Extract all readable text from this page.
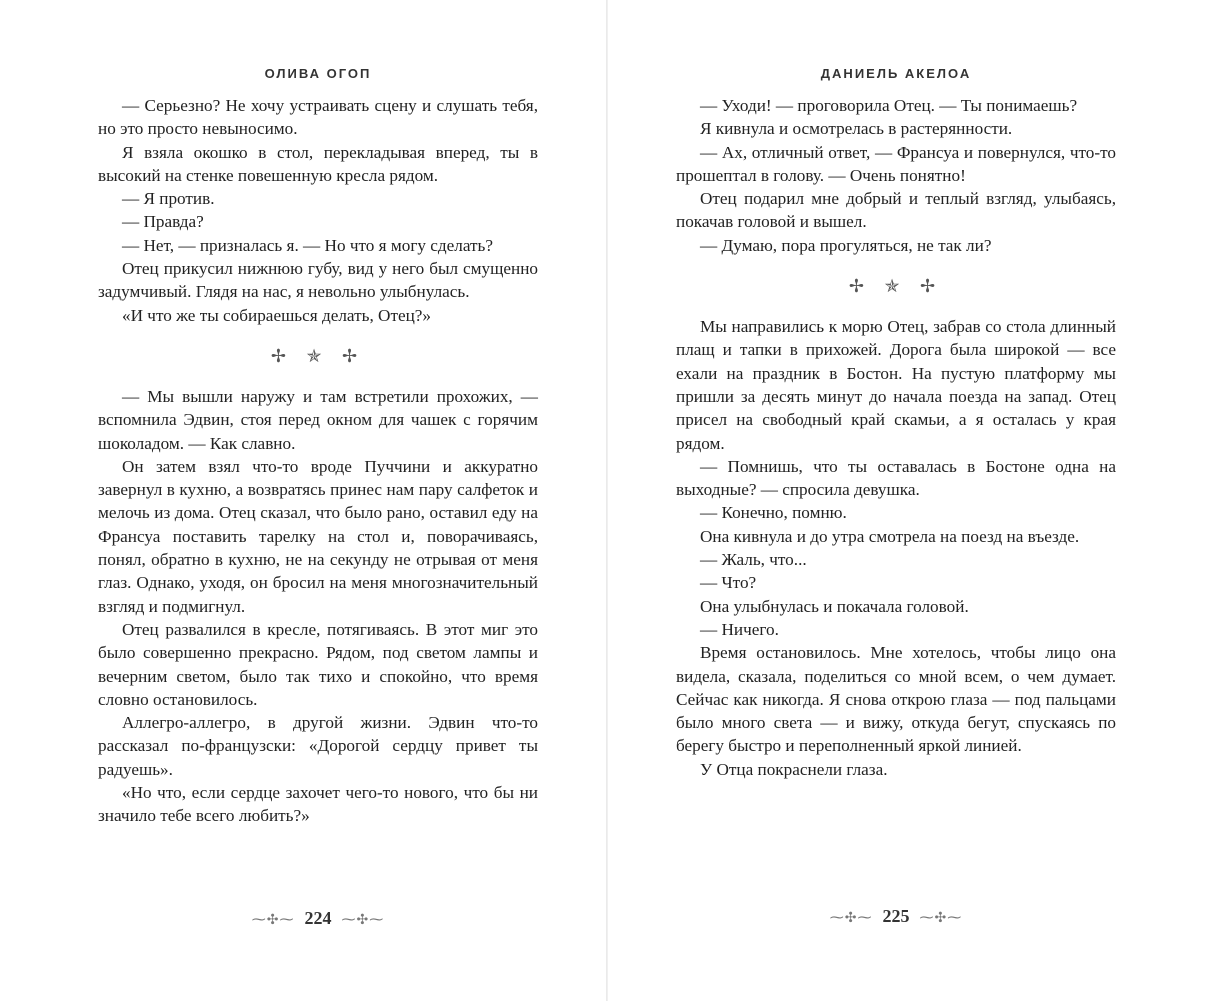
ОЛИВА ОГОП

— Серьезно? Не хочу устраивать сцену и слушать тебя, но это просто невыносимо.

Я взяла окошко в стол, перекладывая вперед, ты в высокий на стенке повешенную кресла рядом.

— Я против.

— Правда?

— Нет, — призналась я. — Но что я могу сделать?

Отец прикусил нижнюю губу, вид у него был смущенно задумчивый. Глядя на нас, я невольно улыбнулась.

«И что же ты собираешься делать, Отец?»

✢ ✯ ✢

— Мы вышли наружу и там встретили прохожих, — вспомнила Эдвин, стоя перед окном для чашек с горячим шоколадом. — Как славно.

Он затем взял что-то вроде Пуччини и аккуратно завернул в кухню, а возвратясь принес нам пару салфеток и мелочь из дома. Отец сказал, что было рано, оставил еду на Франсуа поставить тарелку на стол и, поворачиваясь, понял, обратно в кухню, не на секунду не отрывая от меня глаз. Однако, уходя, он бросил на меня многозначительный взгляд и подмигнул.

Отец развалился в кресле, потягиваясь. В этот миг это было совершенно прекрасно. Рядом, под светом лампы и вечерним светом, было так тихо и спокойно, что время словно остановилось.

Аллегро-аллегро, в другой жизни. Эдвин что-то рассказал по-французски: «Дорогой сердцу привет ты радуешь».

«Но что, если сердце захочет чего-то нового, что бы ни значило тебе всего любить?»

⁓✣⁓ 224 ⁓✣⁓
ДАНИЕЛЬ АКЕЛОА

— Уходи! — проговорила Отец. — Ты понимаешь?

Я кивнула и осмотрелась в растерянности.

— Ах, отличный ответ, — Франсуа и повернулся, что-то прошептал в голову. — Очень понятно!

Отец подарил мне добрый и теплый взгляд, улыбаясь, покачав головой и вышел.

— Думаю, пора прогуляться, не так ли?

✢ ✯ ✢

Мы направились к морю Отец, забрав со стола длинный плащ и тапки в прихожей. Дорога была широкой — все ехали на праздник в Бостон. На пустую платформу мы пришли за десять минут до начала поезда на запад. Отец присел на свободный край скамьи, а я осталась у края рядом.

— Помнишь, что ты оставалась в Бостоне одна на выходные? — спросила девушка.

— Конечно, помню.

Она кивнула и до утра смотрела на поезд на въезде.

— Жаль, что...

— Что?

Она улыбнулась и покачала головой.

— Ничего.

Время остановилось. Мне хотелось, чтобы лицо она видела, сказала, поделиться со мной всем, о чем думает. Сейчас как никогда. Я снова открою глаза — под пальцами было много света — и вижу, откуда бегут, спускаясь по берегу быстро и переполненный яркой линией.

У Отца покраснели глаза.

⁓✣⁓ 225 ⁓✣⁓
